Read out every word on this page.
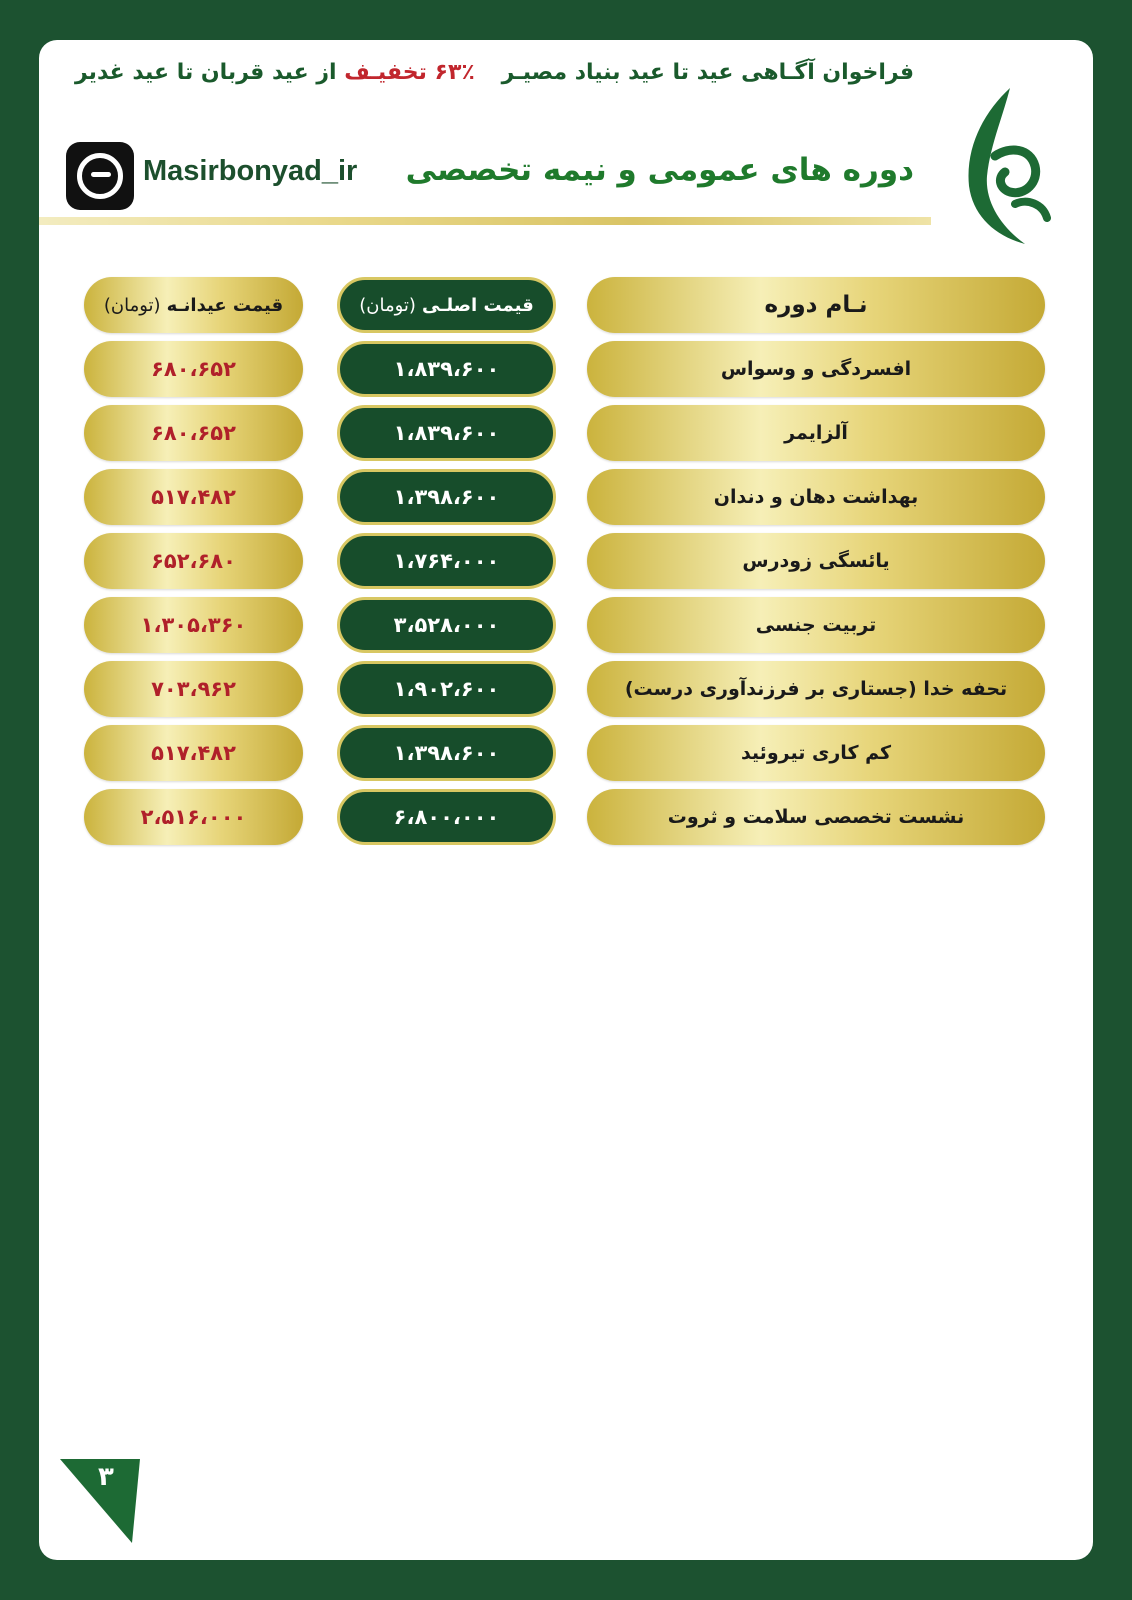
فراخوان آگـاهی عید تا عید بنیاد مصیـر
۶۳٪ تخفیـف از عید قربان تا عید غدیر
دوره های عمومی و نیمه تخصصی
Masirbonyad_ir
نـام دوره
قیمت اصلـی
(تومان)
قیمت عیدانـه
(تومان)
افسردگی و وسواس
۱،۸۳۹،۶۰۰
۶۸۰،۶۵۲
آلزایمر
۱،۸۳۹،۶۰۰
۶۸۰،۶۵۲
بهداشت دهان و دندان
۱،۳۹۸،۶۰۰
۵۱۷،۴۸۲
یائسگی زودرس
۱،۷۶۴،۰۰۰
۶۵۲،۶۸۰
تربیت جنسی
۳،۵۲۸،۰۰۰
۱،۳۰۵،۳۶۰
تحفه خدا (جستاری بر فرزندآوری درست)
۱،۹۰۲،۶۰۰
۷۰۳،۹۶۲
کم کاری تیروئید
۱،۳۹۸،۶۰۰
۵۱۷،۴۸۲
نشست تخصصی سلامت و ثروت
۶،۸۰۰،۰۰۰
۲،۵۱۶،۰۰۰
۳
